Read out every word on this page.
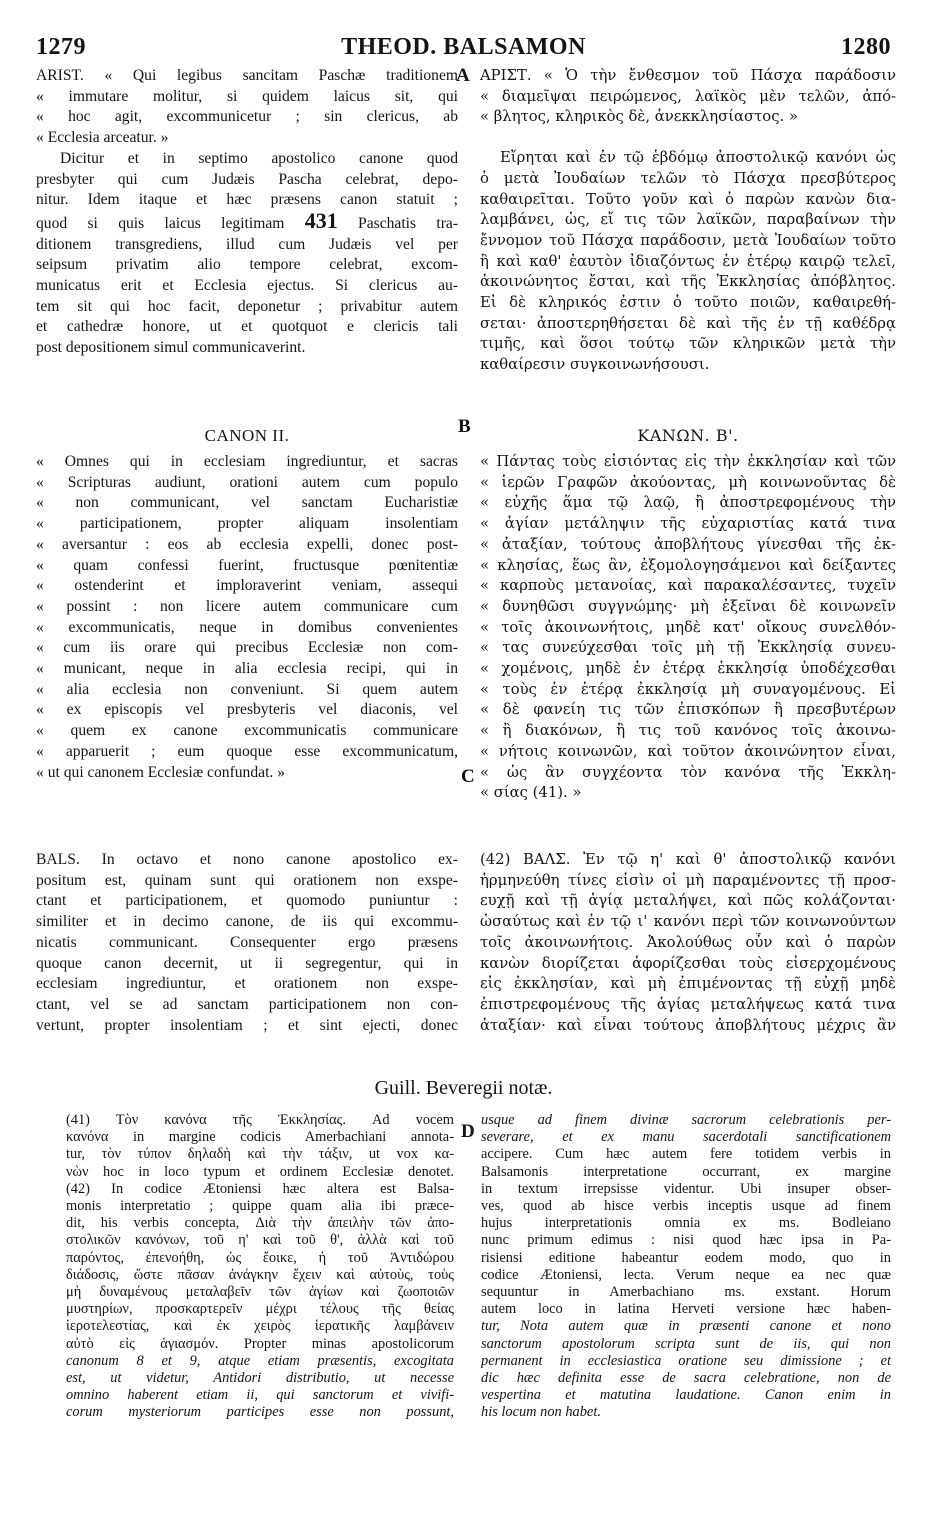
1279	THEOD. BALSAMON	1280
A
B
C
D
ARIST. « Qui legibus sancitam Paschæ traditionem
« immutare molitur, si quidem laicus sit, qui
« hoc agit, excommunicetur ; sin clericus, ab
« Ecclesia arceatur. »
Dicitur et in septimo apostolico canone quod
presbyter qui cum Judæis Pascha celebrat, depo-
nitur. Idem itaque et hæc præsens canon statuit ;
quod si quis laicus legitimam 431 Paschatis tra-
ditionem transgrediens, illud cum Judæis vel per
seipsum privatim alio tempore celebrat, excom-
municatus erit et Ecclesia ejectus. Si clericus au-
tem sit qui hoc facit, deponetur ; privabitur autem
et cathedræ honore, ut et quotquot e clericis tali
post depositionem simul communicaverint.
CANON II.
« Omnes qui in ecclesiam ingrediuntur, et sacras
« Scripturas audiunt, orationi autem cum populo
« non communicant, vel sanctam Eucharistiæ
« participationem, propter aliquam insolentiam
« aversantur : eos ab ecclesia expelli, donec post-
« quam confessi fuerint, fructusque pœnitentiæ
« ostenderint et imploraverint veniam, assequi
« possint : non licere autem communicare cum
« excommunicatis, neque in domibus convenientes
« cum iis orare qui precibus Ecclesiæ non com-
« municant, neque in alia ecclesia recipi, qui in
« alia ecclesia non conveniunt. Si quem autem
« ex episcopis vel presbyteris vel diaconis, vel
« quem ex canone excommunicatis communicare
« apparuerit ; eum quoque esse excommunicatum,
« ut qui canonem Ecclesiæ confundat. »
BALS. In octavo et nono canone apostolico ex-
positum est, quinam sunt qui orationem non exspe-
ctant et participationem, et quomodo puniuntur :
similiter et in decimo canone, de iis qui excommu-
nicatis communicant. Consequenter ergo præsens
quoque canon decernit, ut ii segregentur, qui in
ecclesiam ingrediuntur, et orationem non exspe-
ctant, vel se ad sanctam participationem non con-
vertunt, propter insolentiam ; et sint ejecti, donec
ΑΡΙΣΤ. « Ὁ τὴν ἔνθεσμον τοῦ Πάσχα παράδοσιν
« διαμεῖψαι πειρώμενος, λαϊκὸς μὲν τελῶν, ἀπό-
« βλητος, κληρικὸς δὲ, ἀνεκκλησίαστος. »
Εἴρηται καὶ ἐν τῷ ἑβδόμῳ ἀποστολικῷ κανόνι ὡς
ὁ μετὰ Ἰουδαίων τελῶν τὸ Πάσχα πρεσβύτερος
καθαιρεῖται. Τοῦτο γοῦν καὶ ὁ παρὼν κανὼν δια-
λαμβάνει, ὡς, εἴ τις τῶν λαϊκῶν, παραβαίνων τὴν
ἔννομον τοῦ Πάσχα παράδοσιν, μετὰ Ἰουδαίων τοῦτο
ἢ καὶ καθ' ἑαυτὸν ἰδιαζόντως ἐν ἑτέρῳ καιρῷ τελεῖ,
ἀκοινώνητος ἔσται, καὶ τῆς Ἐκκλησίας ἀπόβλητος.
Εἰ δὲ κληρικός ἐστιν ὁ τοῦτο ποιῶν, καθαιρεθή-
σεται· ἀποστερηθήσεται δὲ καὶ τῆς ἐν τῇ καθέδρᾳ
τιμῆς, καὶ ὅσοι τούτῳ τῶν κληρικῶν μετὰ τὴν
καθαίρεσιν συγκοινωνήσουσι.
ΚΑΝΩΝ. Β'.
« Πάντας τοὺς εἰσιόντας εἰς τὴν ἐκκλησίαν καὶ τῶν
« ἱερῶν Γραφῶν ἀκούοντας, μὴ κοινωνοῦντας δὲ
« εὐχῆς ἅμα τῷ λαῷ, ἢ ἀποστρεφομένους τὴν
« ἁγίαν μετάληψιν τῆς εὐχαριστίας κατά τινα
« ἀταξίαν, τούτους ἀποβλήτους γίνεσθαι τῆς ἐκ-
« κλησίας, ἕως ἂν, ἐξομολογησάμενοι καὶ δείξαντες
« καρποὺς μετανοίας, καὶ παρακαλέσαντες, τυχεῖν
« δυνηθῶσι συγγνώμης· μὴ ἐξεῖναι δὲ κοινωνεῖν
« τοῖς ἀκοινωνήτοις, μηδὲ κατ' οἴκους συνελθόν-
« τας συνεύχεσθαι τοῖς μὴ τῇ Ἐκκλησίᾳ συνευ-
« χομένοις, μηδὲ ἐν ἑτέρᾳ ἐκκλησίᾳ ὑποδέχεσθαι
« τοὺς ἐν ἑτέρᾳ ἐκκλησίᾳ μὴ συναγομένους. Εἰ
« δὲ φανείη τις τῶν ἐπισκόπων ἢ πρεσβυτέρων
« ἢ διακόνων, ἢ τις τοῦ κανόνος τοῖς ἀκοινω-
« νήτοις κοινωνῶν, καὶ τοῦτον ἀκοινώνητον εἶναι,
« ὡς ἂν συγχέοντα τὸν κανόνα τῆς Ἐκκλη-
« σίας (41). »
(42) ΒΑΛΣ. Ἐν τῷ η' καὶ θ' ἀποστολικῷ κανόνι
ἡρμηνεύθη τίνες εἰσὶν οἱ μὴ παραμένοντες τῇ προσ-
ευχῇ καὶ τῇ ἁγίᾳ μεταλήψει, καὶ πῶς κολάζονται·
ὡσαύτως καὶ ἐν τῷ ι' κανόνι περὶ τῶν κοινωνούντων
τοῖς ἀκοινωνήτοις. Ἀκολούθως οὖν καὶ ὁ παρὼν
κανὼν διορίζεται ἀφορίζεσθαι τοὺς εἰσερχομένους
εἰς ἐκκλησίαν, καὶ μὴ ἐπιμένοντας τῇ εὐχῇ μηδὲ
ἐπιστρεφομένους τῆς ἁγίας μεταλήψεως κατά τινα
ἀταξίαν· καὶ εἶναι τούτους ἀποβλήτους μέχρις ἂν
Guill. Beveregii notæ.
(41) Τὸν κανόνα τῆς Ἐκκλησίας. Ad vocem
κανόνα in margine codicis Amerbachiani annota-
tur, τὸν τύπον δηλαδὴ καὶ τὴν τάξιν, ut vox κα-
νὼν hoc in loco typum et ordinem Ecclesiæ denotet.
(42) In codice Ætoniensi hæc altera est Balsa-
monis interpretatio ; quippe quam alia ibi præce-
dit, his verbis concepta, Διὰ τὴν ἀπειλὴν τῶν ἀπο-
στολικῶν κανόνων, τοῦ η' καὶ τοῦ θ', ἀλλὰ καὶ τοῦ
παρόντος, ἐπενοήθη, ὡς ἔοικε, ἡ τοῦ Ἀντιδώρου
διάδοσις, ὥστε πᾶσαν ἀνάγκην ἔχειν καὶ αὐτοὺς, τοὺς
μὴ δυναμένους μεταλαβεῖν τῶν ἁγίων καὶ ζωοποιῶν
μυστηρίων, προσκαρτερεῖν μέχρι τέλους τῆς θείας
ἱεροτελεστίας, καὶ ἐκ χειρὸς ἱερατικῆς λαμβάνειν
αὐτὸ εἰς ἁγιασμόν. Propter minas apostolicorum
canonum 8 et 9, atque etiam præsentis, excogitata
est, ut videtur, Antidori distributio, ut necesse
omnino haberent etiam ii, qui sanctorum et vivifi-
corum mysteriorum participes esse non possunt,
usque ad finem divinæ sacrorum celebrationis per-
severare, et ex manu sacerdotali sanctificationem
accipere. Cum hæc autem fere totidem verbis in
Balsamonis interpretatione occurrant, ex margine
in textum irrepsisse videntur. Ubi insuper obser-
ves, quod ab hisce verbis inceptis usque ad finem
hujus interpretationis omnia ex ms. Bodleiano
nunc primum edimus : nisi quod hæc ipsa in Pa-
risiensi editione habeantur eodem modo, quo in
codice Ætoniensi, lecta. Verum neque ea nec quæ
sequuntur in Amerbachiano ms. exstant. Horum
autem loco in latina Herveti versione hæc haben-
tur, Nota autem quæ in præsenti canone et nono
sanctorum apostolorum scripta sunt de iis, qui non
permanent in ecclesiastica oratione seu dimissione ; et
dic hæc definita esse de sacra celebratione, non de
vespertina et matutina laudatione. Canon enim in
his locum non habet.
